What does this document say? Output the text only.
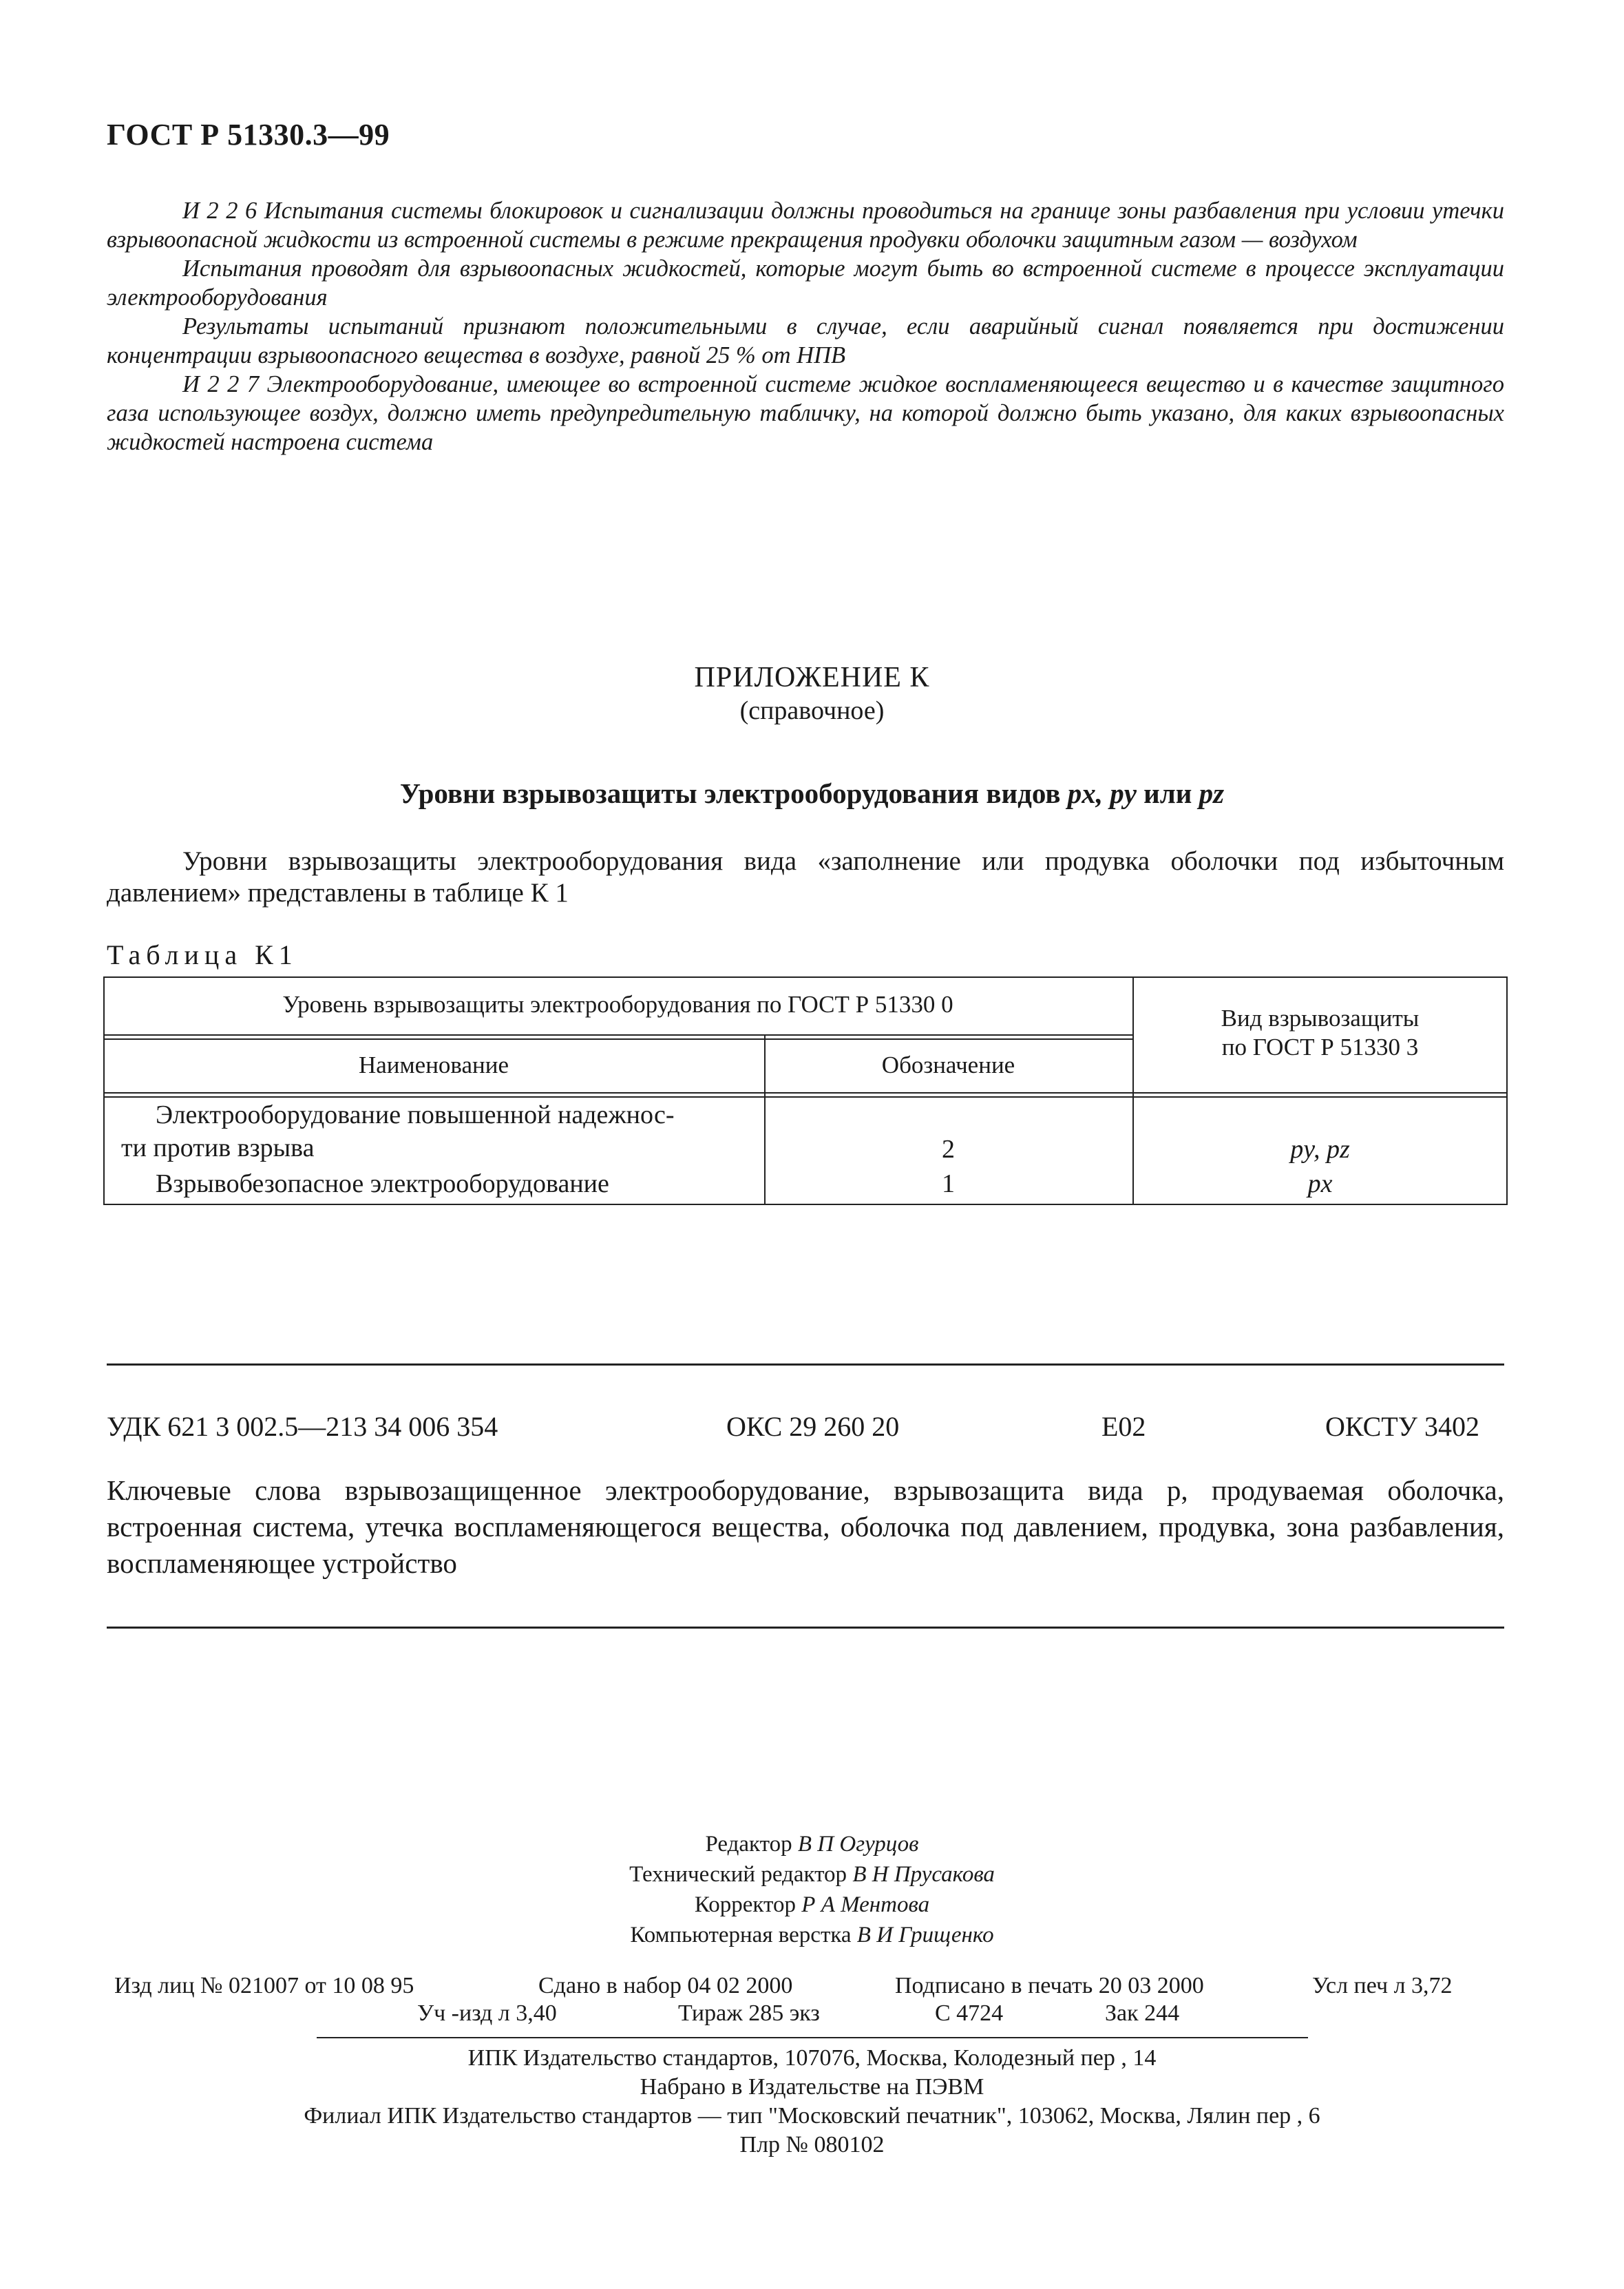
ГОСТ Р 51330.3—99

И 2 2 6 Испытания системы блокировок и сигнализации должны проводиться на границе зоны разбавления при условии утечки взрывоопасной жидкости из встроенной системы в режиме прекращения продувки оболочки защитным газом — воздухом

Испытания проводят для взрывоопасных жидкостей, которые могут быть во встроенной системе в процессе эксплуатации электрооборудования

Результаты испытаний признают положительными в случае, если аварийный сигнал появляется при достижении концентрации взрывоопасного вещества в воздухе, равной 25 % от НПВ

И 2 2 7 Электрооборудование, имеющее во встроенной системе жидкое воспламеняющееся вещество и в качестве защитного газа использующее воздух, должно иметь предупредительную табличку, на которой должно быть указано, для каких взрывоопасных жидкостей настроена система

ПРИЛОЖЕНИЕ К
(справочное)
Уровни взрывозащиты электрооборудования видов px, py или pz

Уровни взрывозащиты электрооборудования вида «заполнение или продувка оболочки под избыточным давлением» представлены в таблице К 1

Таблица К1
Уровень взрывозащиты электрооборудования по ГОСТ Р 51330 0
Наименование	Обозначение
Вид взрывозащиты
по ГОСТ Р 51330 3
Электрооборудование повышенной надежнос-
ти против взрыва	2	py, pz
Взрывобезопасное электрооборудование	1	px
УДК 621 3 002.5—213 34 006 354	ОКС 29 260 20	Е02	ОКСТУ 3402

Ключевые слова взрывозащищенное электрооборудование, взрывозащита вида p, продуваемая оболочка, встроенная система, утечка воспламеняющегося вещества, оболочка под давлением, продувка, зона разбавления, воспламеняющее устройство

Редактор В П Огурцов
Технический редактор В Н Прусакова
Корректор Р А Ментова
Компьютерная верстка В И Грищенко
Изд лиц № 021007 от 10 08 95	Сдано в набор 04 02 2000	Подписано в печать 20 03 2000	Усл печ л 3,72
Уч -изд л 3,40	Тираж 285 экз	С 4724	Зак 244
ИПК Издательство стандартов, 107076, Москва, Колодезный пер , 14
Набрано в Издательстве на ПЭВМ
Филиал ИПК Издательство стандартов — тип "Московский печатник", 103062, Москва, Лялин пер , 6
Плр № 080102
